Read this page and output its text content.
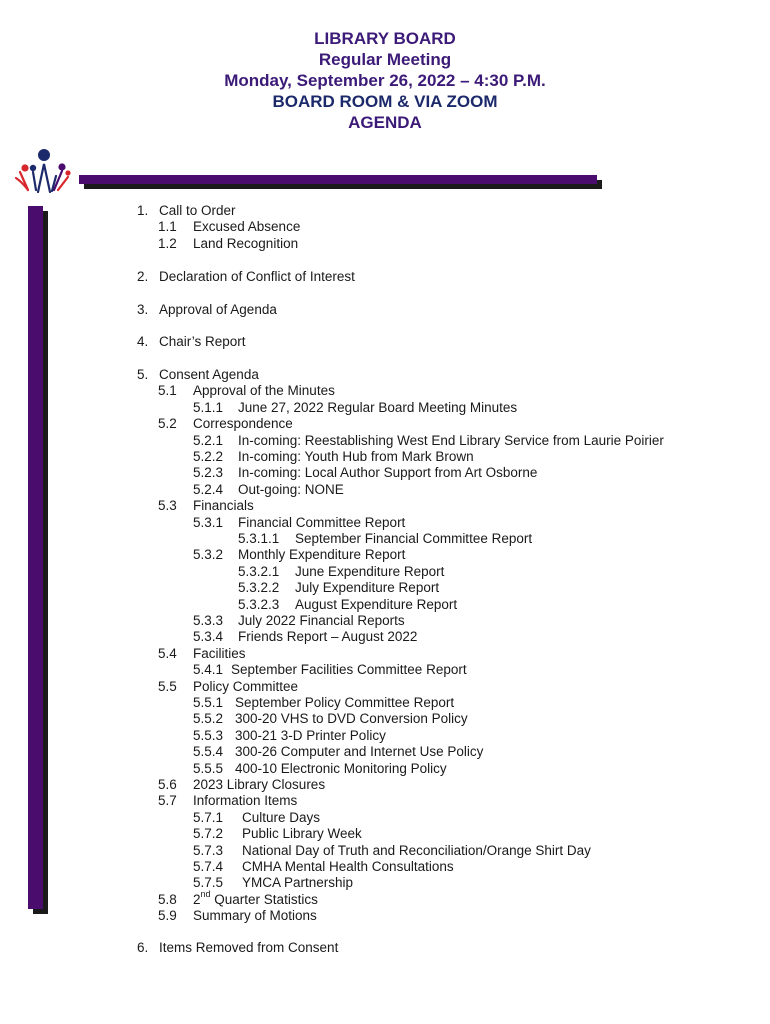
LIBRARY BOARD
Regular Meeting
Monday, September 26, 2022 – 4:30 P.M.
BOARD ROOM & VIA ZOOM
AGENDA
1. Call to Order
1.1 Excused Absence
1.2 Land Recognition
2. Declaration of Conflict of Interest
3. Approval of Agenda
4. Chair’s Report
5. Consent Agenda
5.1 Approval of the Minutes
5.1.1 June 27, 2022 Regular Board Meeting Minutes
5.2 Correspondence
5.2.1 In-coming: Reestablishing West End Library Service from Laurie Poirier
5.2.2 In-coming: Youth Hub from Mark Brown
5.2.3 In-coming: Local Author Support from Art Osborne
5.2.4 Out-going: NONE
5.3 Financials
5.3.1 Financial Committee Report
5.3.1.1 September Financial Committee Report
5.3.2 Monthly Expenditure Report
5.3.2.1 June Expenditure Report
5.3.2.2 July Expenditure Report
5.3.2.3 August Expenditure Report
5.3.3 July 2022 Financial Reports
5.3.4 Friends Report – August 2022
5.4 Facilities
5.4.1 September Facilities Committee Report
5.5 Policy Committee
5.5.1 September Policy Committee Report
5.5.2 300-20 VHS to DVD Conversion Policy
5.5.3 300-21 3-D Printer Policy
5.5.4 300-26 Computer and Internet Use Policy
5.5.5 400-10 Electronic Monitoring Policy
5.6 2023 Library Closures
5.7 Information Items
5.7.1 Culture Days
5.7.2 Public Library Week
5.7.3 National Day of Truth and Reconciliation/Orange Shirt Day
5.7.4 CMHA Mental Health Consultations
5.7.5 YMCA Partnership
5.8 2nd Quarter Statistics
5.9 Summary of Motions
6. Items Removed from Consent
